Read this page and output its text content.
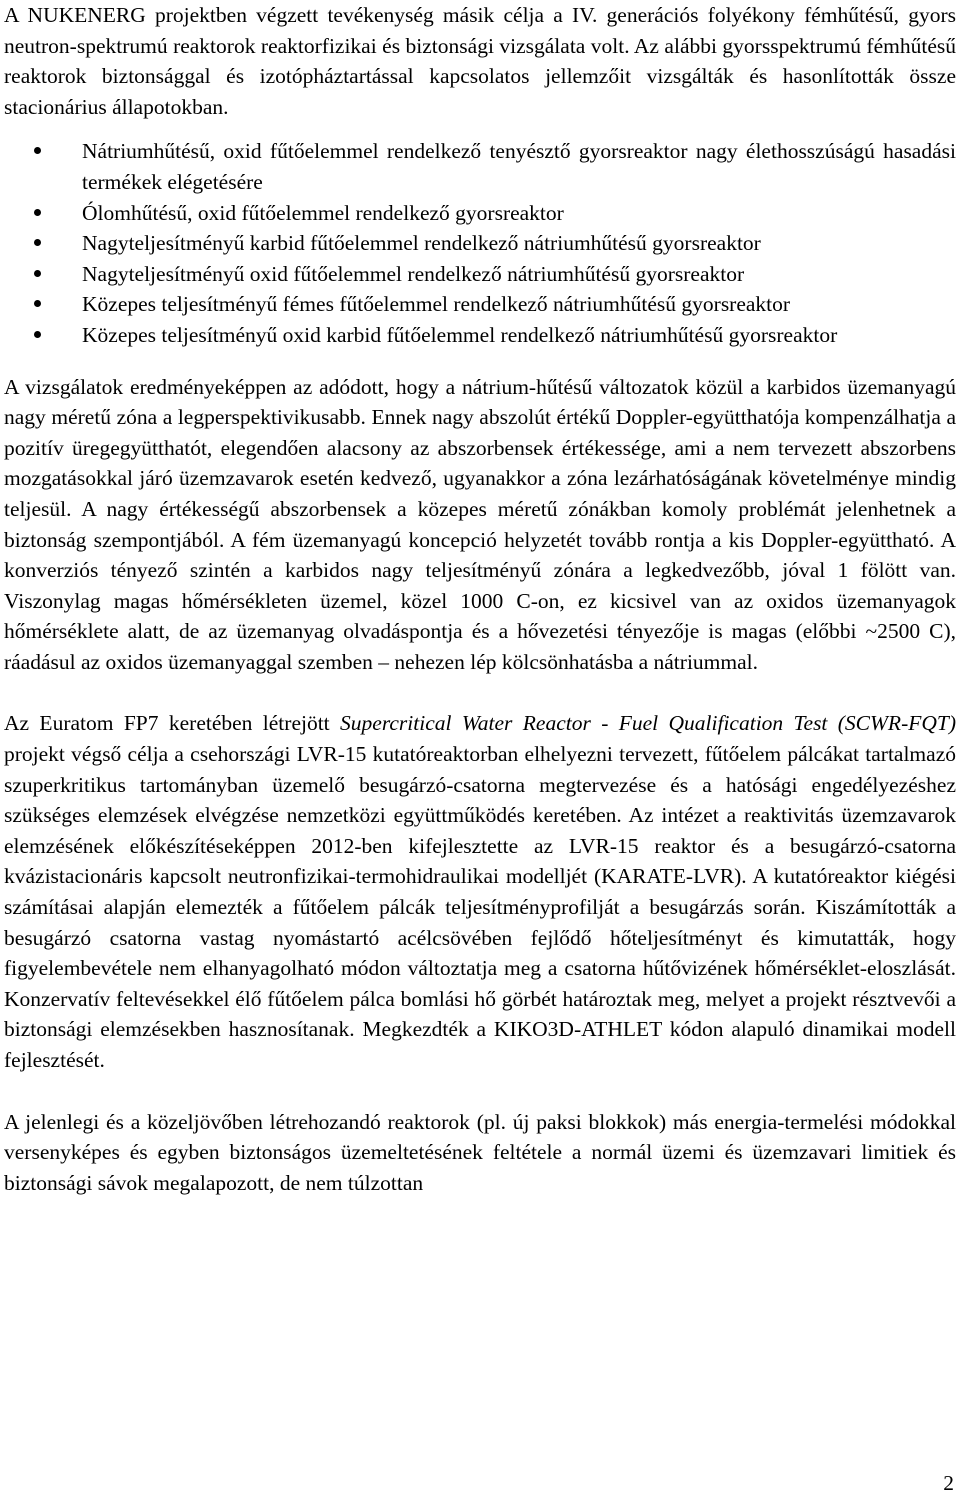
A NUKENERG projektben végzett tevékenység másik célja a IV. generációs folyékony fémhűtésű, gyors neutron-spektrumú reaktorok reaktorfizikai és biztonsági vizsgálata volt. Az alábbi gyorsspektrumú fémhűtésű reaktorok biztonsággal és izotópháztartással kapcsolatos jellemzőit vizsgálták és hasonlították össze stacionárius állapotokban.

Nátriumhűtésű, oxid fűtőelemmel rendelkező tenyésztő gyorsreaktor nagy élethosszúságú hasadási termékek elégetésére
Ólomhűtésű, oxid fűtőelemmel rendelkező gyorsreaktor
Nagyteljesítményű karbid fűtőelemmel rendelkező nátriumhűtésű gyorsreaktor
Nagyteljesítményű oxid fűtőelemmel rendelkező nátriumhűtésű gyorsreaktor
Közepes teljesítményű fémes fűtőelemmel rendelkező nátriumhűtésű gyorsreaktor
Közepes teljesítményű oxid karbid fűtőelemmel rendelkező nátriumhűtésű gyorsreaktor

A vizsgálatok eredményeképpen az adódott, hogy a nátrium-hűtésű változatok közül a karbidos üzemanyagú nagy méretű zóna a legperspektivikusabb. Ennek nagy abszolút értékű Doppler-együtthatója kompenzálhatja a pozitív üregegyütthatót, elegendően alacsony az abszorbensek értékessége, ami a nem tervezett abszorbens mozgatásokkal járó üzemzavarok esetén kedvező, ugyanakkor a zóna lezárhatóságának követelménye mindig teljesül. A nagy értékességű abszorbensek a közepes méretű zónákban komoly problémát jelenhetnek a biztonság szempontjából. A fém üzemanyagú koncepció helyzetét tovább rontja a kis Doppler-együttható. A konverziós tényező szintén a karbidos nagy teljesítményű zónára a legkedvezőbb, jóval 1 fölött van. Viszonylag magas hőmérsékleten üzemel, közel 1000 C-on, ez kicsivel van az oxidos üzemanyagok hőmérséklete alatt, de az üzemanyag olvadáspontja és a hővezetési tényezője is magas (előbbi ~2500 C), ráadásul az oxidos üzemanyaggal szemben – nehezen lép kölcsönhatásba a nátriummal.

Az Euratom FP7 keretében létrejött Supercritical Water Reactor - Fuel Qualification Test (SCWR-FQT) projekt végső célja a csehországi LVR-15 kutatóreaktorban elhelyezni tervezett, fűtőelem pálcákat tartalmazó szuperkritikus tartományban üzemelő besugárzó-csatorna megtervezése és a hatósági engedélyezéshez szükséges elemzések elvégzése nemzetközi együttműködés keretében. Az intézet a reaktivitás üzemzavarok elemzésének előkészítéseképpen 2012-ben kifejlesztette az LVR-15 reaktor és a besugárzó-csatorna kvázistacionáris kapcsolt neutronfizikai-termohidraulikai modelljét (KARATE-LVR). A kutatóreaktor kiégési számításai alapján elemezték a fűtőelem pálcák teljesítményprofilját a besugárzás során. Kiszámították a besugárzó csatorna vastag nyomástartó acélcsövében fejlődő hőteljesítményt és kimutatták, hogy figyelembevétele nem elhanyagolható módon változtatja meg a csatorna hűtővizének hőmérséklet-eloszlását. Konzervatív feltevésekkel élő fűtőelem pálca bomlási hő görbét határoztak meg, melyet a projekt résztvevői a biztonsági elemzésekben hasznosítanak. Megkezdték a KIKO3D-ATHLET kódon alapuló dinamikai modell fejlesztését.

A jelenlegi és a közeljövőben létrehozandó reaktorok (pl. új paksi blokkok) más energia-termelési módokkal versenyképes és egyben biztonságos üzemeltetésének feltétele a normál üzemi és üzemzavari limitiek és biztonsági sávok megalapozott, de nem túlzottan

2
